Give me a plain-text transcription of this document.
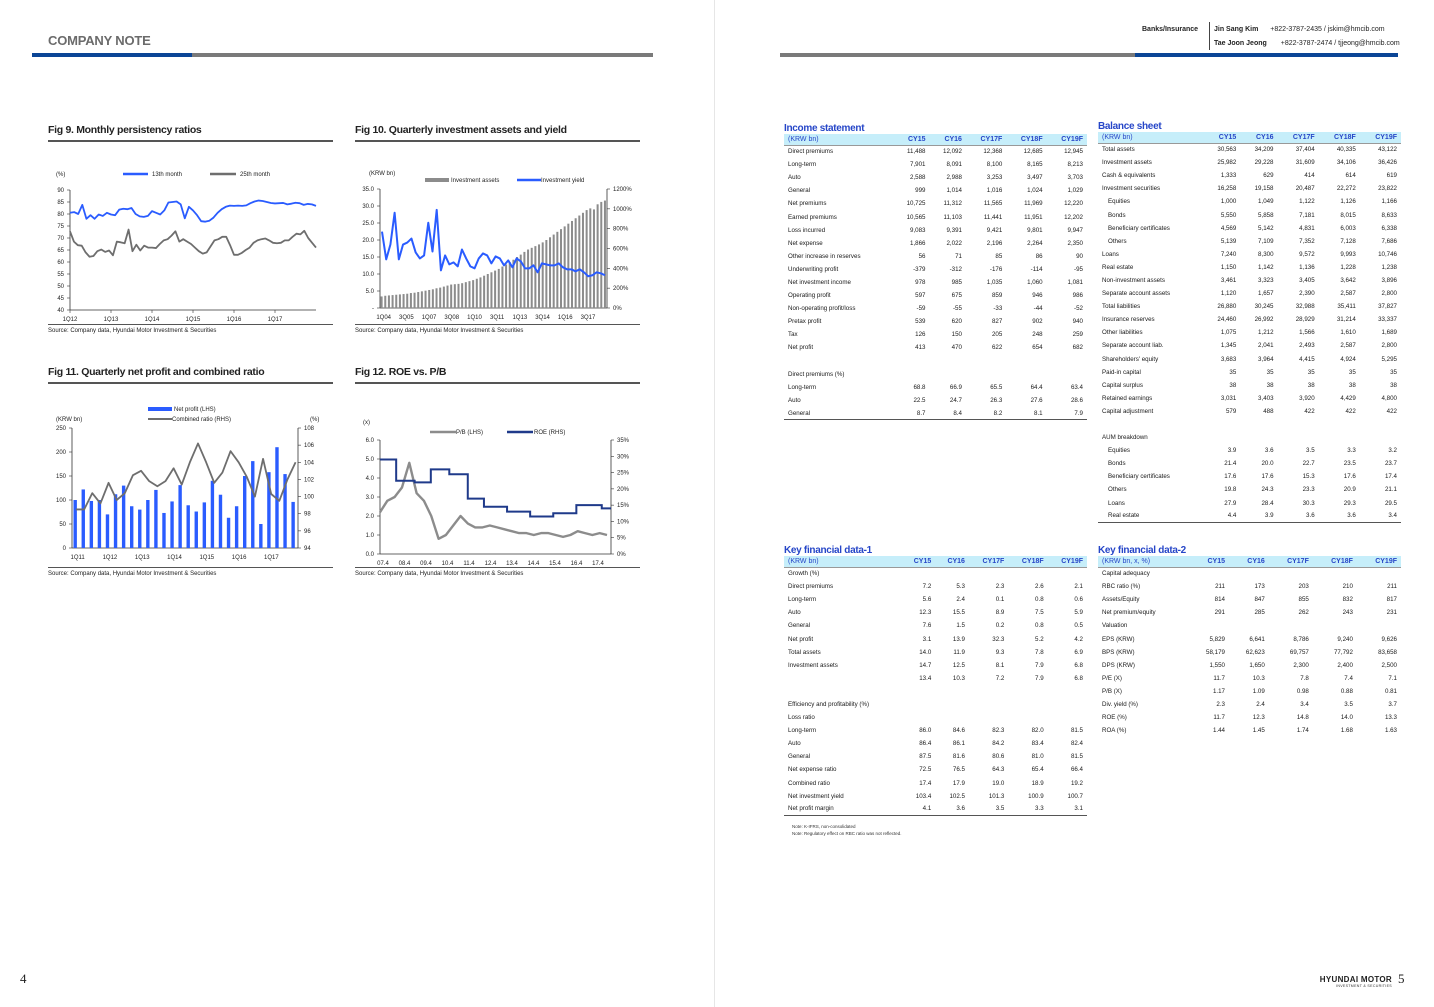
COMPANY NOTE
Fig 9. Monthly persistency ratios
(%)	13th month	25th month
40
45
50
55
60
65
70
75
80
85
90
1Q12	1Q13	1Q14	1Q15	1Q16	1Q17
Source: Company data, Hyundai Motor Investment & Securities
Fig 10. Quarterly investment assets and yield
(KRW bn)
Investment assets	Investment yield
-
5.0
10.0
15.0
20.0
25.0
30.0
35.0
0%
200%
400%
600%
800%
1000%
1200%
1Q04 3Q05 1Q07 3Q08 1Q10 3Q11 1Q13 3Q14 1Q16 3Q17
Source: Company data, Hyundai Motor Investment & Securities
Fig 11. Quarterly net profit and combined ratio
(KRW bn)	(%)
Net profit (LHS)
Combined ratio (RHS)
0
50
100
150
200
250
94
96
98
100
102
104
106
108
1Q11	1Q12	1Q13	1Q14	1Q15	1Q16	1Q17
Source: Company data, Hyundai Motor Investment & Securities
Fig 12. ROE vs. P/B
(x)
P/B (LHS)	ROE (RHS)
0.0
1.0
2.0
3.0
4.0
5.0
6.0
0%
5%
10%
15%
20%
25%
30%
35%
07.4 08.4 09.4 10.4 11.4 12.4 13.4 14.4 15.4 16.4 17.4
Source: Company data, Hyundai Motor Investment & Securities
4
Banks/Insurance Jin Sang Kim +822-3787-2435 / jskim@hmcib.com
Tae Joon Jeong +822-3787-2474 / tjjeong@hmcib.com
Income statement
(KRW bn)	CY15	CY16	CY17F	CY18F	CY19F
Direct premiums	11,488	12,092	12,368	12,685	12,945
Long-term	7,901	8,091	8,100	8,165	8,213
Auto	2,588	2,988	3,253	3,497	3,703
General	999	1,014	1,016	1,024	1,029
Net premiums	10,725	11,312	11,565	11,969	12,220
Earned premiums	10,565	11,103	11,441	11,951	12,202
Loss incurred	9,083	9,391	9,421	9,801	9,947
Net expense	1,866	2,022	2,196	2,264	2,350
Other increase in reserves	56	71	85	86	90
Underwriting profit	-379	-312	-176	-114	-95
Net investment income	978	985	1,035	1,060	1,081
Operating profit	597	675	859	946	986
Non-operating profit/loss	-59	-55	-33	-44	-52
Pretax profit	539	620	827	902	940
Tax	126	150	205	248	259
Net profit	413	470	622	654	682

Direct premiums (%)					
Long-term	68.8	66.9	65.5	64.4	63.4
Auto	22.5	24.7	26.3	27.6	28.6
General	8.7	8.4	8.2	8.1	7.9
Balance sheet
(KRW bn)	CY15	CY16	CY17F	CY18F	CY19F
Total assets	30,563	34,209	37,404	40,335	43,122
Investment assets	25,982	29,228	31,609	34,106	36,426
Cash & equivalents	1,333	629	414	614	619
Investment securities	16,258	19,158	20,487	22,272	23,822
Equities	1,000	1,049	1,122	1,126	1,166
Bonds	5,550	5,858	7,181	8,015	8,633
Beneficiary certificates	4,569	5,142	4,831	6,003	6,338
Others	5,139	7,109	7,352	7,128	7,686
Loans	7,240	8,300	9,572	9,993	10,746
Real estate	1,150	1,142	1,136	1,228	1,238
Non-investment assets	3,461	3,323	3,405	3,642	3,896
Separate account assets	1,120	1,657	2,390	2,587	2,800
Total liabilities	26,880	30,245	32,988	35,411	37,827
Insurance reserves	24,460	26,992	28,929	31,214	33,337
Other liabilities	1,075	1,212	1,566	1,610	1,689
Separate account liab.	1,345	2,041	2,493	2,587	2,800
Shareholders' equity	3,683	3,964	4,415	4,924	5,295
Paid-in capital	35	35	35	35	35
Capital surplus	38	38	38	38	38
Retained earnings	3,031	3,403	3,920	4,429	4,800
Capital adjustment	579	488	422	422	422

AUM breakdown					
Equities	3.9	3.6	3.5	3.3	3.2
Bonds	21.4	20.0	22.7	23.5	23.7
Beneficiary certificates	17.6	17.6	15.3	17.6	17.4
Others	19.8	24.3	23.3	20.9	21.1
Loans	27.9	28.4	30.3	29.3	29.5
Real estate	4.4	3.9	3.6	3.6	3.4
Key financial data-1
(KRW bn)	CY15	CY16	CY17F	CY18F	CY19F
Growth (%)					
Direct premiums	7.2	5.3	2.3	2.6	2.1
Long-term	5.6	2.4	0.1	0.8	0.6
Auto	12.3	15.5	8.9	7.5	5.9
General	7.6	1.5	0.2	0.8	0.5
Net profit	3.1	13.9	32.3	5.2	4.2
Total assets	14.0	11.9	9.3	7.8	6.9
Investment assets	14.7	12.5	8.1	7.9	6.8
	13.4	10.3	7.2	7.9	6.8

Efficiency and profitability (%)					
Loss ratio					
Long-term	86.0	84.6	82.3	82.0	81.5
Auto	86.4	86.1	84.2	83.4	82.4
General	87.5	81.6	80.6	81.0	81.5
Net expense ratio	72.5	76.5	64.3	65.4	66.4
Combined ratio	17.4	17.9	19.0	18.9	19.2
Net investment yield	103.4	102.5	101.3	100.9	100.7
Net profit margin	4.1	3.6	3.5	3.3	3.1
Key financial data-2
(KRW bn, x, %)	CY15	CY16	CY17F	CY18F	CY19F
Capital adequacy					
RBC ratio (%)	211	173	203	210	211
Assets/Equity	814	847	855	832	817
Net premium/equity	291	285	262	243	231
Valuation					
EPS (KRW)	5,829	6,641	8,786	9,240	9,626
BPS (KRW)	58,179	62,623	69,757	77,792	83,658
DPS (KRW)	1,550	1,650	2,300	2,400	2,500
P/E (X)	11.7	10.3	7.8	7.4	7.1
P/B (X)	1.17	1.09	0.98	0.88	0.81
Div. yield (%)	2.3	2.4	3.4	3.5	3.7
ROE (%)	11.7	12.3	14.8	14.0	13.3
ROA (%)	1.44	1.45	1.74	1.68	1.63
Note: K-IFRS, non-consolidated
Note: Regulatory effect on RBC ratio was not reflected.
HYUNDAI MOTOR
INVESTMENT & SECURITIES 5
